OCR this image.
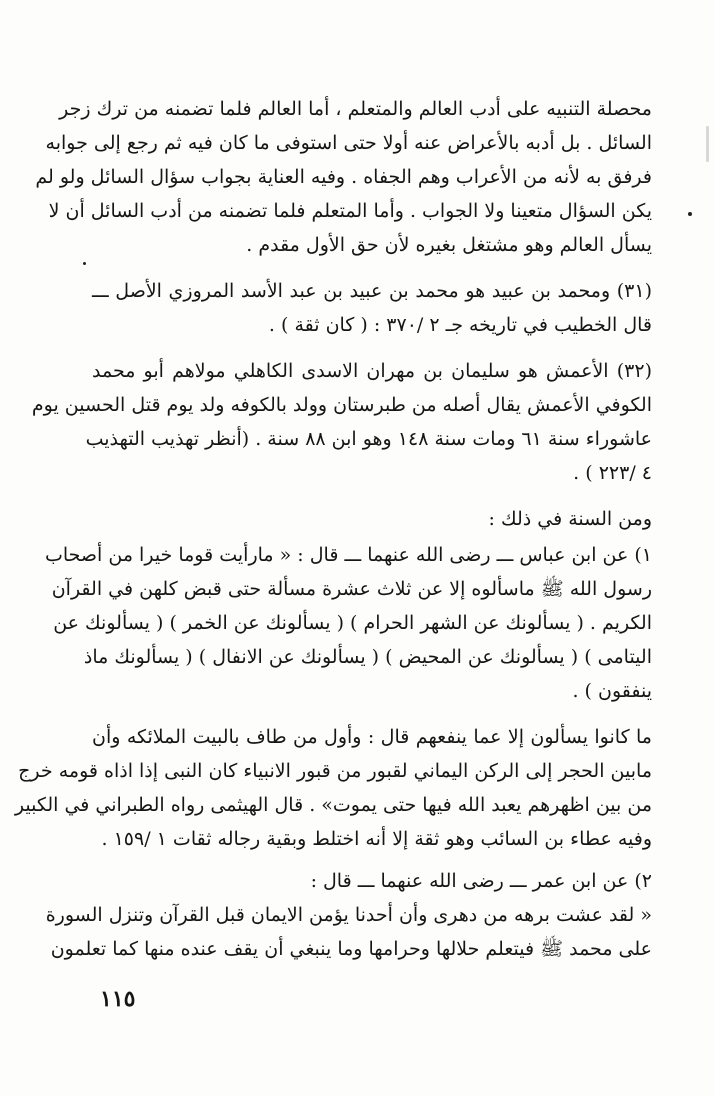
محصلة التنبيه على أدب العالم والمتعلم ، أما العالم فلما تضمنه من ترك زجر
السائل . بل أدبه بالأعراض عنه أولا حتى استوفى ما كان فيه ثم رجع إلى جوابه
فرفق به لأنه من الأعراب وهم الجفاه . وفيه العناية بجواب سؤال السائل ولو لم
يكن السؤال متعينا ولا الجواب . وأما المتعلم فلما تضمنه من أدب السائل أن لا
يسأل العالم وهو مشتغل بغيره لأن حق الأول مقدم .
(٣١) ومحمد بن عبيد هو محمد بن عبيد بن عبد الأسد المروزي الأصل ـــ
قال الخطيب في تاريخه جـ ٢ /٣٧٠ : ( كان ثقة ) .
(٣٢) الأعمش هو سليمان بن مهران الاسدى الكاهلي مولاهم أبو محمد
الكوفي الأعمش يقال أصله من طبرستان وولد بالكوفه ولد يوم قتل الحسين يوم
عاشوراء سنة ٦١ ومات سنة ١٤٨ وهو ابن ٨٨ سنة . (أنظر تهذيب التهذيب
٤ /٢٢٣ ) .
ومن السنة في ذلك :
١) عن ابن عباس ـــ رضى الله عنهما ـــ قال : « مارأيت قوما خيرا من أصحاب
رسول الله ﷺ ماسألوه إلا عن ثلاث عشرة مسألة حتى قبض كلهن في القرآن
الكريم . ( يسألونك عن الشهر الحرام ) ( يسألونك عن الخمر ) ( يسألونك عن
اليتامى ) ( يسألونك عن المحيض ) ( يسألونك عن الانفال ) ( يسألونك ماذ
ينفقون ) .
ما كانوا يسألون إلا عما ينفعهم قال : وأول من طاف بالبيت الملائكه وأن
مابين الحجر إلى الركن اليماني لقبور من قبور الانبياء كان النبى إذا اذاه قومه خرج
من بين اظهرهم يعبد الله فيها حتى يموت» . قال الهيثمى رواه الطبراني في الكبير
وفيه عطاء بن السائب وهو ثقة إلا أنه اختلط وبقية رجاله ثقات ١ /١٥٩ .
٢) عن ابن عمر ـــ رضى الله عنهما ـــ قال :
« لقد عشت برهه من دهرى وأن أحدنا يؤمن الايمان قبل القرآن وتنزل السورة
على محمد ﷺ فيتعلم حلالها وحرامها وما ينبغي أن يقف عنده منها كما تعلمون
١١٥
